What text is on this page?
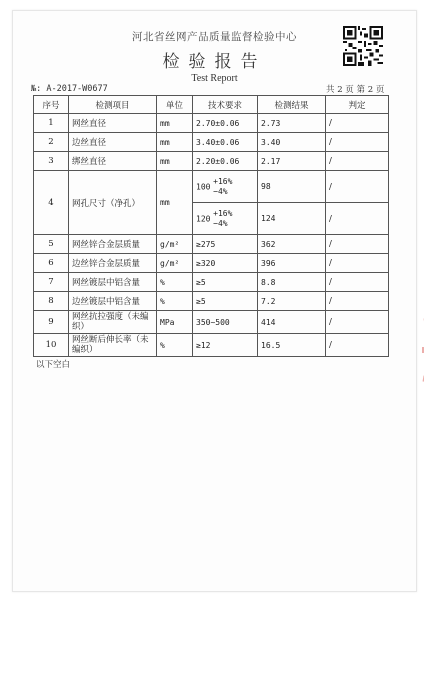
河北省丝网产品质量监督检验中心
检验报告
Test Report
№: A-2017-W0677	共 2 页 第 2 页
序号	检测项目	单位	技术要求	检测结果	判定
1	网丝直径	mm	2.70±0.06	2.73	/
2	边丝直径	mm	3.40±0.06	3.40	/
3	绑丝直径	mm	2.20±0.06	2.17	/
4	网孔尺寸（净孔）	mm	100
+16%
−4%	98	/
			120
+16%
−4%	124	/
5	网丝锌合金层质量	g/m²	≥275	362	/
6	边丝锌合金层质量	g/m²	≥320	396	/
7	网丝镀层中铝含量	%	≥5	8.8	/
8	边丝镀层中铝含量	%	≥5	7.2	/
9	网丝抗拉强度（未编织）	MPa	350~500	414	/
10	网丝断后伸长率（未编织）	%	≥12	16.5	/
以下空白
